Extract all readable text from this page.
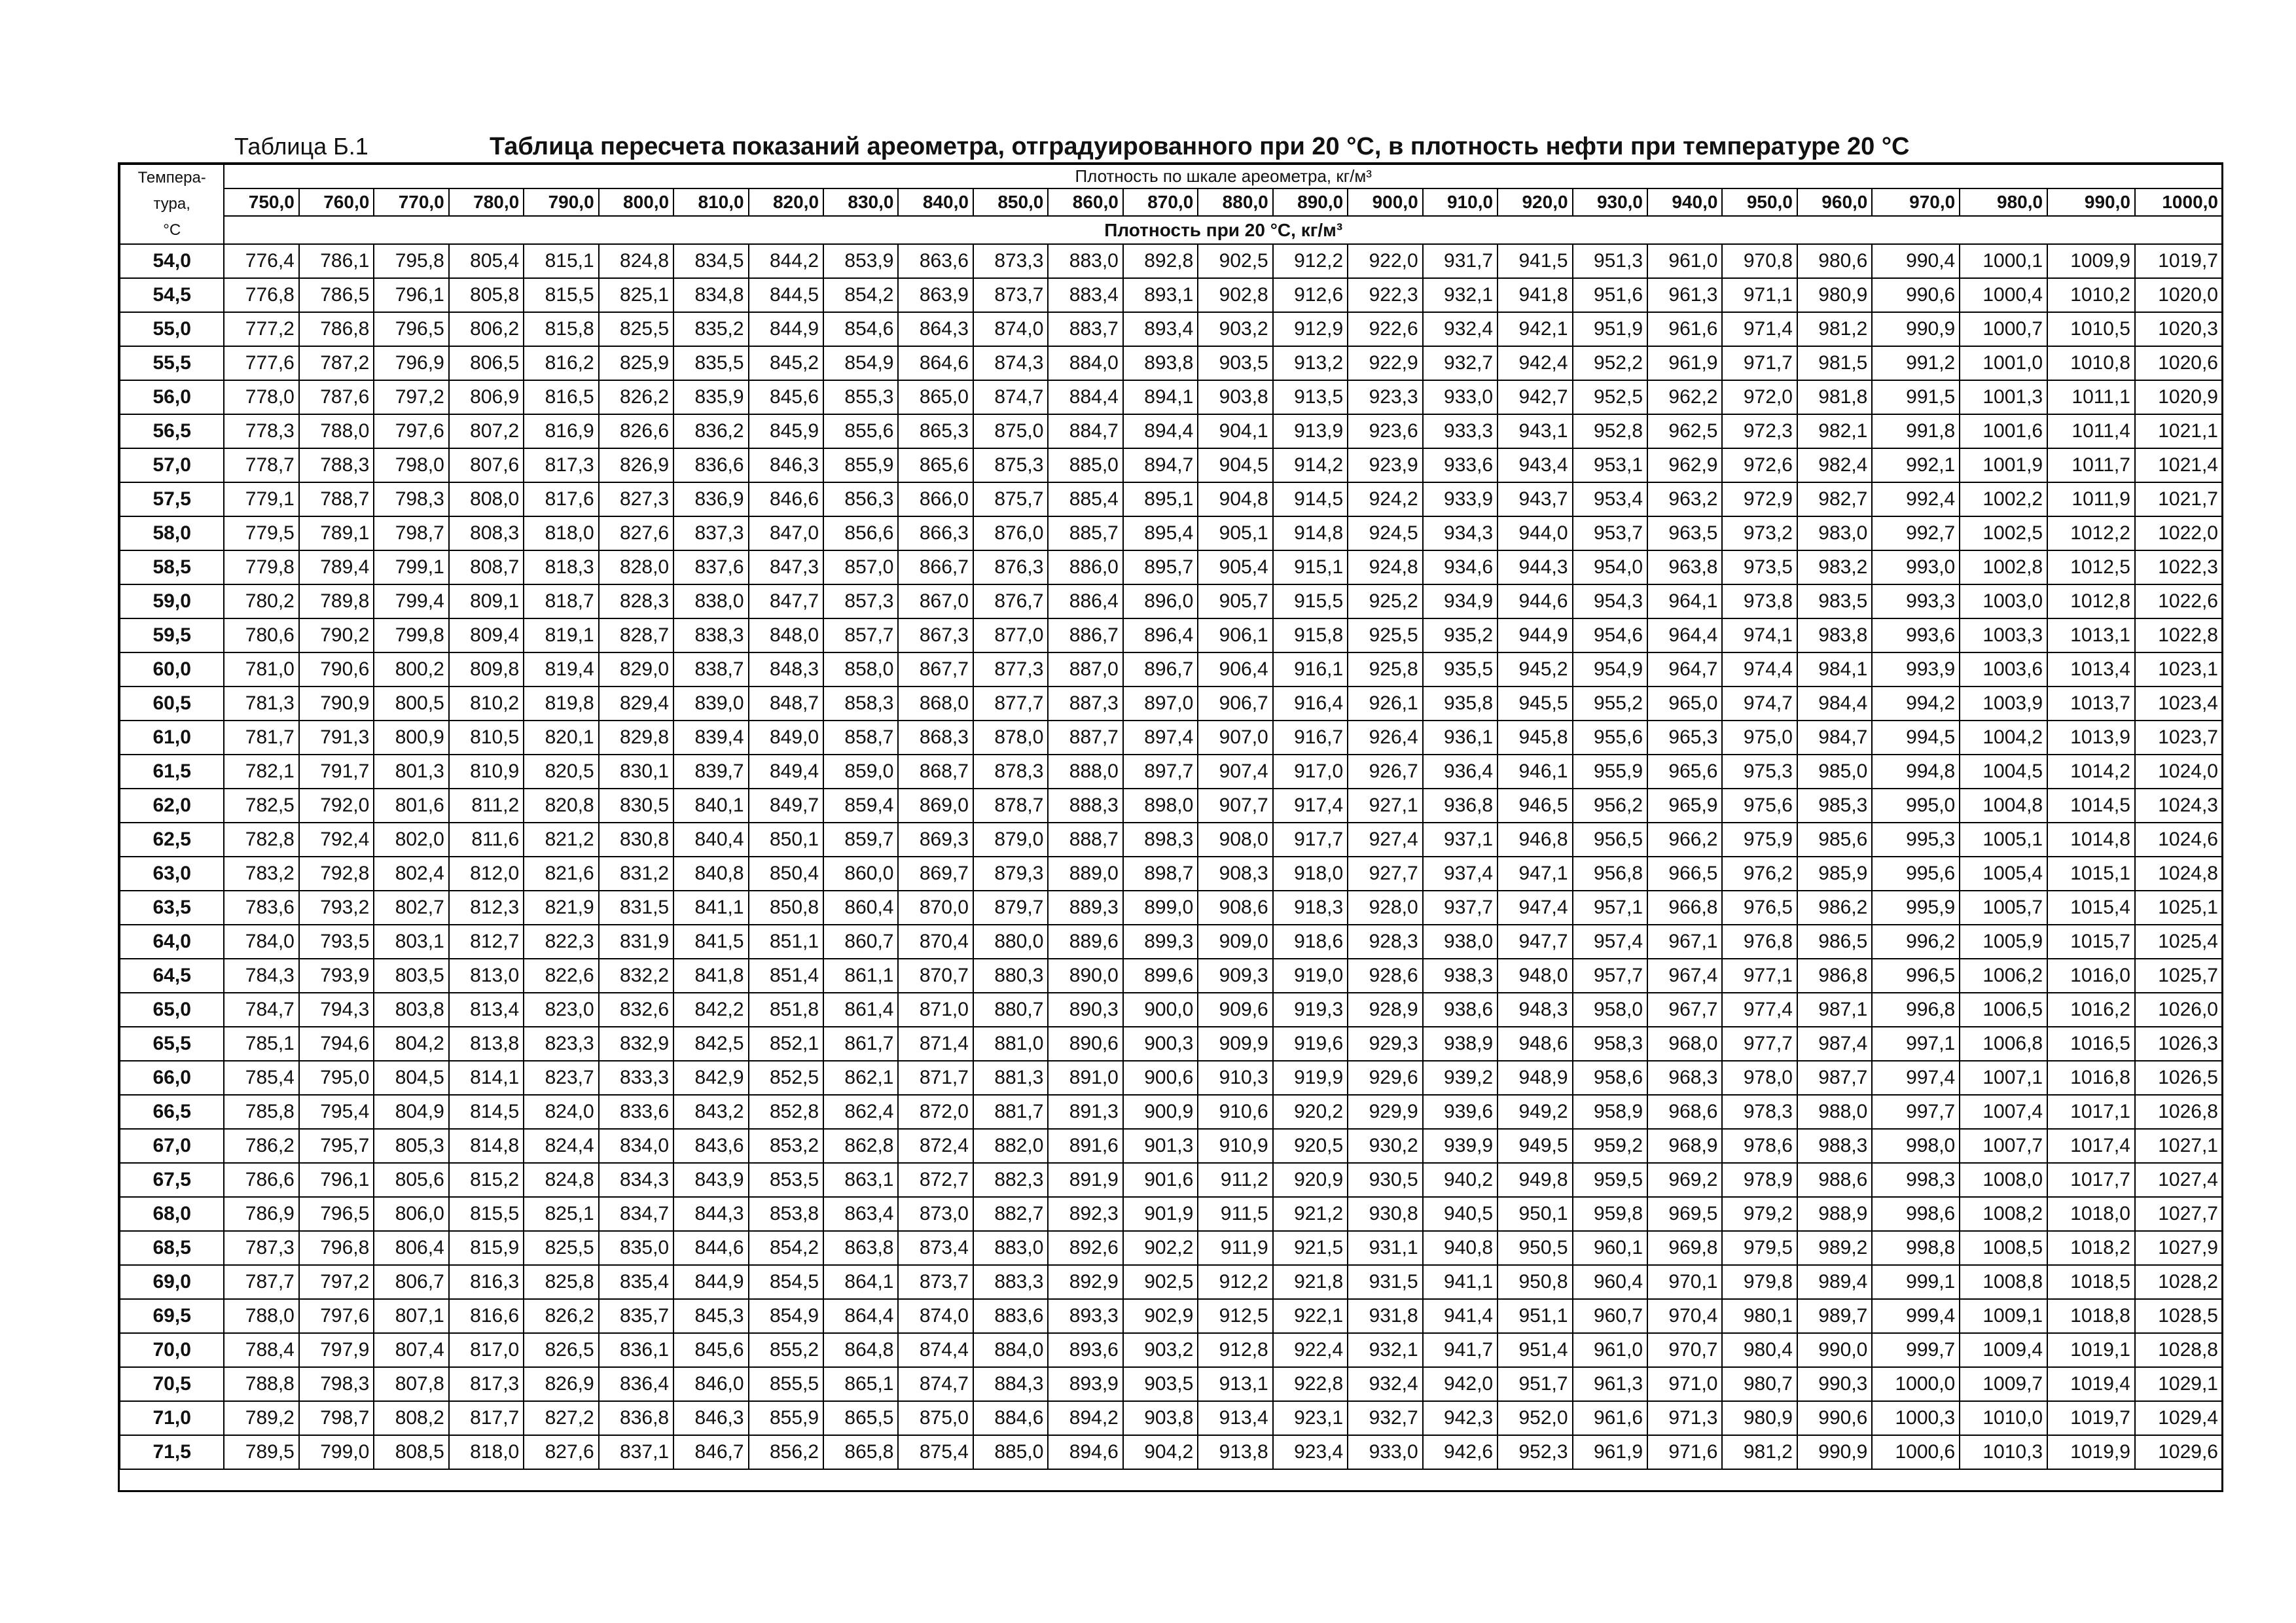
Таблица Б.1	Таблица пересчета показаний ареометра, отградуированного при 20 °С, в плотность нефти при температуре 20 °С
Темпера-
тура,
°С	Плотность по шкале ареометра, кг/м³																									
	750,0	760,0	770,0	780,0	790,0	800,0	810,0	820,0	830,0	840,0	850,0	860,0	870,0	880,0	890,0	900,0	910,0	920,0	930,0	940,0	950,0	960,0	970,0	980,0	990,0	1000,0
	Плотность при 20 °С, кг/м³																									
54,0	776,4	786,1	795,8	805,4	815,1	824,8	834,5	844,2	853,9	863,6	873,3	883,0	892,8	902,5	912,2	922,0	931,7	941,5	951,3	961,0	970,8	980,6	990,4	1000,1	1009,9	1019,7
54,5	776,8	786,5	796,1	805,8	815,5	825,1	834,8	844,5	854,2	863,9	873,7	883,4	893,1	902,8	912,6	922,3	932,1	941,8	951,6	961,3	971,1	980,9	990,6	1000,4	1010,2	1020,0
55,0	777,2	786,8	796,5	806,2	815,8	825,5	835,2	844,9	854,6	864,3	874,0	883,7	893,4	903,2	912,9	922,6	932,4	942,1	951,9	961,6	971,4	981,2	990,9	1000,7	1010,5	1020,3
55,5	777,6	787,2	796,9	806,5	816,2	825,9	835,5	845,2	854,9	864,6	874,3	884,0	893,8	903,5	913,2	922,9	932,7	942,4	952,2	961,9	971,7	981,5	991,2	1001,0	1010,8	1020,6
56,0	778,0	787,6	797,2	806,9	816,5	826,2	835,9	845,6	855,3	865,0	874,7	884,4	894,1	903,8	913,5	923,3	933,0	942,7	952,5	962,2	972,0	981,8	991,5	1001,3	1011,1	1020,9
56,5	778,3	788,0	797,6	807,2	816,9	826,6	836,2	845,9	855,6	865,3	875,0	884,7	894,4	904,1	913,9	923,6	933,3	943,1	952,8	962,5	972,3	982,1	991,8	1001,6	1011,4	1021,1
57,0	778,7	788,3	798,0	807,6	817,3	826,9	836,6	846,3	855,9	865,6	875,3	885,0	894,7	904,5	914,2	923,9	933,6	943,4	953,1	962,9	972,6	982,4	992,1	1001,9	1011,7	1021,4
57,5	779,1	788,7	798,3	808,0	817,6	827,3	836,9	846,6	856,3	866,0	875,7	885,4	895,1	904,8	914,5	924,2	933,9	943,7	953,4	963,2	972,9	982,7	992,4	1002,2	1011,9	1021,7
58,0	779,5	789,1	798,7	808,3	818,0	827,6	837,3	847,0	856,6	866,3	876,0	885,7	895,4	905,1	914,8	924,5	934,3	944,0	953,7	963,5	973,2	983,0	992,7	1002,5	1012,2	1022,0
58,5	779,8	789,4	799,1	808,7	818,3	828,0	837,6	847,3	857,0	866,7	876,3	886,0	895,7	905,4	915,1	924,8	934,6	944,3	954,0	963,8	973,5	983,2	993,0	1002,8	1012,5	1022,3
59,0	780,2	789,8	799,4	809,1	818,7	828,3	838,0	847,7	857,3	867,0	876,7	886,4	896,0	905,7	915,5	925,2	934,9	944,6	954,3	964,1	973,8	983,5	993,3	1003,0	1012,8	1022,6
59,5	780,6	790,2	799,8	809,4	819,1	828,7	838,3	848,0	857,7	867,3	877,0	886,7	896,4	906,1	915,8	925,5	935,2	944,9	954,6	964,4	974,1	983,8	993,6	1003,3	1013,1	1022,8
60,0	781,0	790,6	800,2	809,8	819,4	829,0	838,7	848,3	858,0	867,7	877,3	887,0	896,7	906,4	916,1	925,8	935,5	945,2	954,9	964,7	974,4	984,1	993,9	1003,6	1013,4	1023,1
60,5	781,3	790,9	800,5	810,2	819,8	829,4	839,0	848,7	858,3	868,0	877,7	887,3	897,0	906,7	916,4	926,1	935,8	945,5	955,2	965,0	974,7	984,4	994,2	1003,9	1013,7	1023,4
61,0	781,7	791,3	800,9	810,5	820,1	829,8	839,4	849,0	858,7	868,3	878,0	887,7	897,4	907,0	916,7	926,4	936,1	945,8	955,6	965,3	975,0	984,7	994,5	1004,2	1013,9	1023,7
61,5	782,1	791,7	801,3	810,9	820,5	830,1	839,7	849,4	859,0	868,7	878,3	888,0	897,7	907,4	917,0	926,7	936,4	946,1	955,9	965,6	975,3	985,0	994,8	1004,5	1014,2	1024,0
62,0	782,5	792,0	801,6	811,2	820,8	830,5	840,1	849,7	859,4	869,0	878,7	888,3	898,0	907,7	917,4	927,1	936,8	946,5	956,2	965,9	975,6	985,3	995,0	1004,8	1014,5	1024,3
62,5	782,8	792,4	802,0	811,6	821,2	830,8	840,4	850,1	859,7	869,3	879,0	888,7	898,3	908,0	917,7	927,4	937,1	946,8	956,5	966,2	975,9	985,6	995,3	1005,1	1014,8	1024,6
63,0	783,2	792,8	802,4	812,0	821,6	831,2	840,8	850,4	860,0	869,7	879,3	889,0	898,7	908,3	918,0	927,7	937,4	947,1	956,8	966,5	976,2	985,9	995,6	1005,4	1015,1	1024,8
63,5	783,6	793,2	802,7	812,3	821,9	831,5	841,1	850,8	860,4	870,0	879,7	889,3	899,0	908,6	918,3	928,0	937,7	947,4	957,1	966,8	976,5	986,2	995,9	1005,7	1015,4	1025,1
64,0	784,0	793,5	803,1	812,7	822,3	831,9	841,5	851,1	860,7	870,4	880,0	889,6	899,3	909,0	918,6	928,3	938,0	947,7	957,4	967,1	976,8	986,5	996,2	1005,9	1015,7	1025,4
64,5	784,3	793,9	803,5	813,0	822,6	832,2	841,8	851,4	861,1	870,7	880,3	890,0	899,6	909,3	919,0	928,6	938,3	948,0	957,7	967,4	977,1	986,8	996,5	1006,2	1016,0	1025,7
65,0	784,7	794,3	803,8	813,4	823,0	832,6	842,2	851,8	861,4	871,0	880,7	890,3	900,0	909,6	919,3	928,9	938,6	948,3	958,0	967,7	977,4	987,1	996,8	1006,5	1016,2	1026,0
65,5	785,1	794,6	804,2	813,8	823,3	832,9	842,5	852,1	861,7	871,4	881,0	890,6	900,3	909,9	919,6	929,3	938,9	948,6	958,3	968,0	977,7	987,4	997,1	1006,8	1016,5	1026,3
66,0	785,4	795,0	804,5	814,1	823,7	833,3	842,9	852,5	862,1	871,7	881,3	891,0	900,6	910,3	919,9	929,6	939,2	948,9	958,6	968,3	978,0	987,7	997,4	1007,1	1016,8	1026,5
66,5	785,8	795,4	804,9	814,5	824,0	833,6	843,2	852,8	862,4	872,0	881,7	891,3	900,9	910,6	920,2	929,9	939,6	949,2	958,9	968,6	978,3	988,0	997,7	1007,4	1017,1	1026,8
67,0	786,2	795,7	805,3	814,8	824,4	834,0	843,6	853,2	862,8	872,4	882,0	891,6	901,3	910,9	920,5	930,2	939,9	949,5	959,2	968,9	978,6	988,3	998,0	1007,7	1017,4	1027,1
67,5	786,6	796,1	805,6	815,2	824,8	834,3	843,9	853,5	863,1	872,7	882,3	891,9	901,6	911,2	920,9	930,5	940,2	949,8	959,5	969,2	978,9	988,6	998,3	1008,0	1017,7	1027,4
68,0	786,9	796,5	806,0	815,5	825,1	834,7	844,3	853,8	863,4	873,0	882,7	892,3	901,9	911,5	921,2	930,8	940,5	950,1	959,8	969,5	979,2	988,9	998,6	1008,2	1018,0	1027,7
68,5	787,3	796,8	806,4	815,9	825,5	835,0	844,6	854,2	863,8	873,4	883,0	892,6	902,2	911,9	921,5	931,1	940,8	950,5	960,1	969,8	979,5	989,2	998,8	1008,5	1018,2	1027,9
69,0	787,7	797,2	806,7	816,3	825,8	835,4	844,9	854,5	864,1	873,7	883,3	892,9	902,5	912,2	921,8	931,5	941,1	950,8	960,4	970,1	979,8	989,4	999,1	1008,8	1018,5	1028,2
69,5	788,0	797,6	807,1	816,6	826,2	835,7	845,3	854,9	864,4	874,0	883,6	893,3	902,9	912,5	922,1	931,8	941,4	951,1	960,7	970,4	980,1	989,7	999,4	1009,1	1018,8	1028,5
70,0	788,4	797,9	807,4	817,0	826,5	836,1	845,6	855,2	864,8	874,4	884,0	893,6	903,2	912,8	922,4	932,1	941,7	951,4	961,0	970,7	980,4	990,0	999,7	1009,4	1019,1	1028,8
70,5	788,8	798,3	807,8	817,3	826,9	836,4	846,0	855,5	865,1	874,7	884,3	893,9	903,5	913,1	922,8	932,4	942,0	951,7	961,3	971,0	980,7	990,3	1000,0	1009,7	1019,4	1029,1
71,0	789,2	798,7	808,2	817,7	827,2	836,8	846,3	855,9	865,5	875,0	884,6	894,2	903,8	913,4	923,1	932,7	942,3	952,0	961,6	971,3	980,9	990,6	1000,3	1010,0	1019,7	1029,4
71,5	789,5	799,0	808,5	818,0	827,6	837,1	846,7	856,2	865,8	875,4	885,0	894,6	904,2	913,8	923,4	933,0	942,6	952,3	961,9	971,6	981,2	990,9	1000,6	1010,3	1019,9	1029,6
